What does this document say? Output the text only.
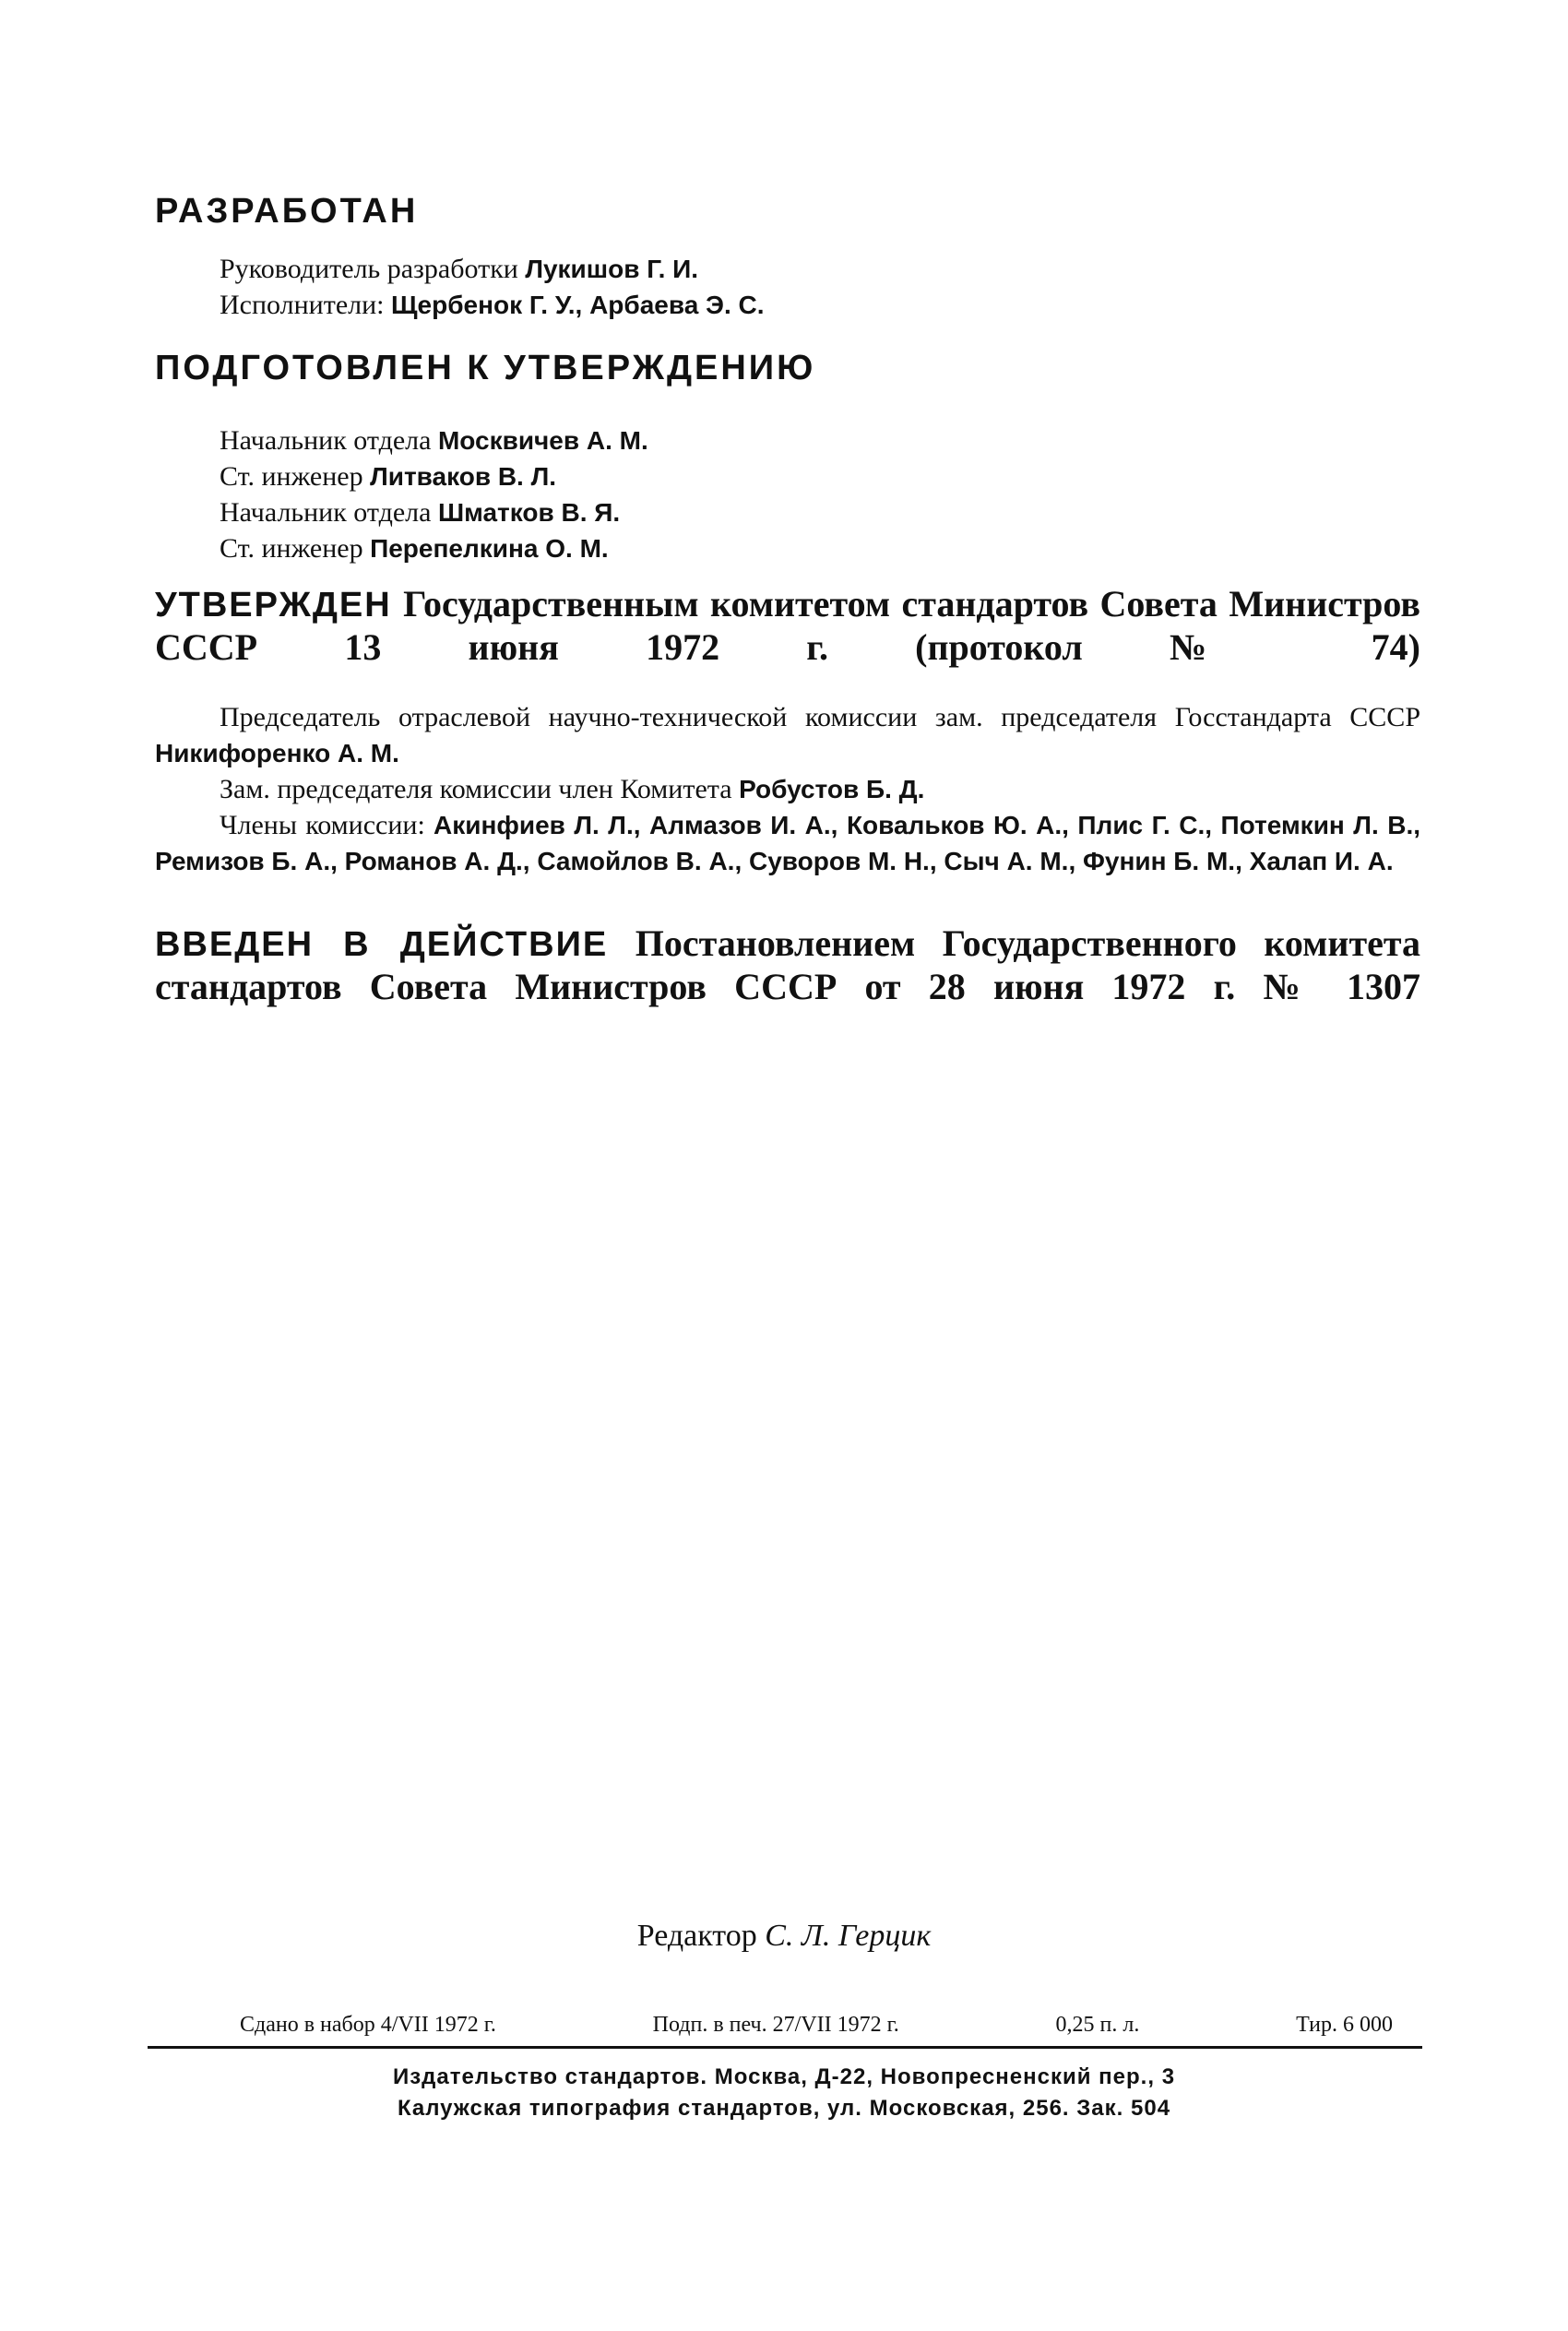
РАЗРАБОТАН
Руководитель разработки Лукишов Г. И.
Исполнители: Щербенок Г. У., Арбаева Э. С.
ПОДГОТОВЛЕН К УТВЕРЖДЕНИЮ
Начальник отдела Москвичев А. М.
Ст. инженер Литваков В. Л.
Начальник отдела Шматков В. Я.
Ст. инженер Перепелкина О. М.
УТВЕРЖДЕН Государственным комитетом стандартов Совета Министров СССР 13 июня 1972 г. (протокол № 74)

Председатель отраслевой научно-технической комиссии зам. председателя Госстандарта СССР Никифоренко А. М.

Зам. председателя комиссии член Комитета Робустов Б. Д.

Члены комиссии: Акинфиев Л. Л., Алмазов И. А., Ковальков Ю. А., Плис Г. С., Потемкин Л. В., Ремизов Б. А., Романов А. Д., Самойлов В. А., Суворов М. Н., Сыч А. М., Фунин Б. М., Халап И. А.

ВВЕДЕН В ДЕЙСТВИЕ Постановлением Государственного комитета стандартов Совета Министров СССР от 28 июня 1972 г. № 1307
Редактор С. Л. Герцик
Сдано в набор 4/VII 1972 г.	Подп. в печ. 27/VII 1972 г.	0,25 п. л.	Тир. 6 000
Издательство стандартов. Москва, Д-22, Новопресненский пер., 3
Калужская типография стандартов, ул. Московская, 256. Зак. 504
